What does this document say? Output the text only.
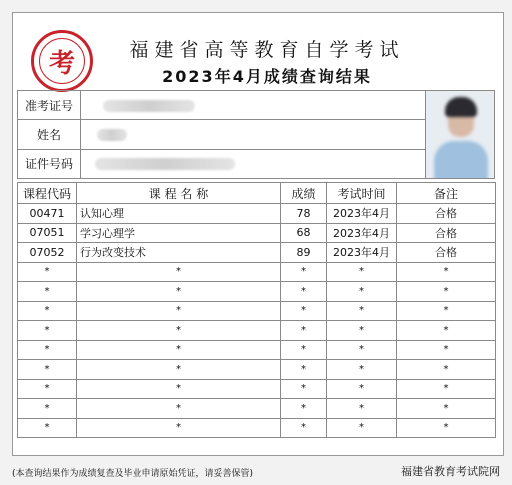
考	福建省高等教育自学考试
2023年4月成绩查询结果
准考证号		

姓名		
证件号码		
课程代码	课 程 名 称	成绩	考试时间	备注
00471	认知心理	78	2023年4月	合格
07051	学习心理学	68	2023年4月	合格
07052	行为改变技术	89	2023年4月	合格
*	*	*	*	*
*	*	*	*	*
*	*	*	*	*
*	*	*	*	*
*	*	*	*	*
*	*	*	*	*
*	*	*	*	*
*	*	*	*	*
*	*	*	*	*
(本查询结果作为成绩复查及毕业申请原始凭证，请妥善保管)	福建省教育考试院网
